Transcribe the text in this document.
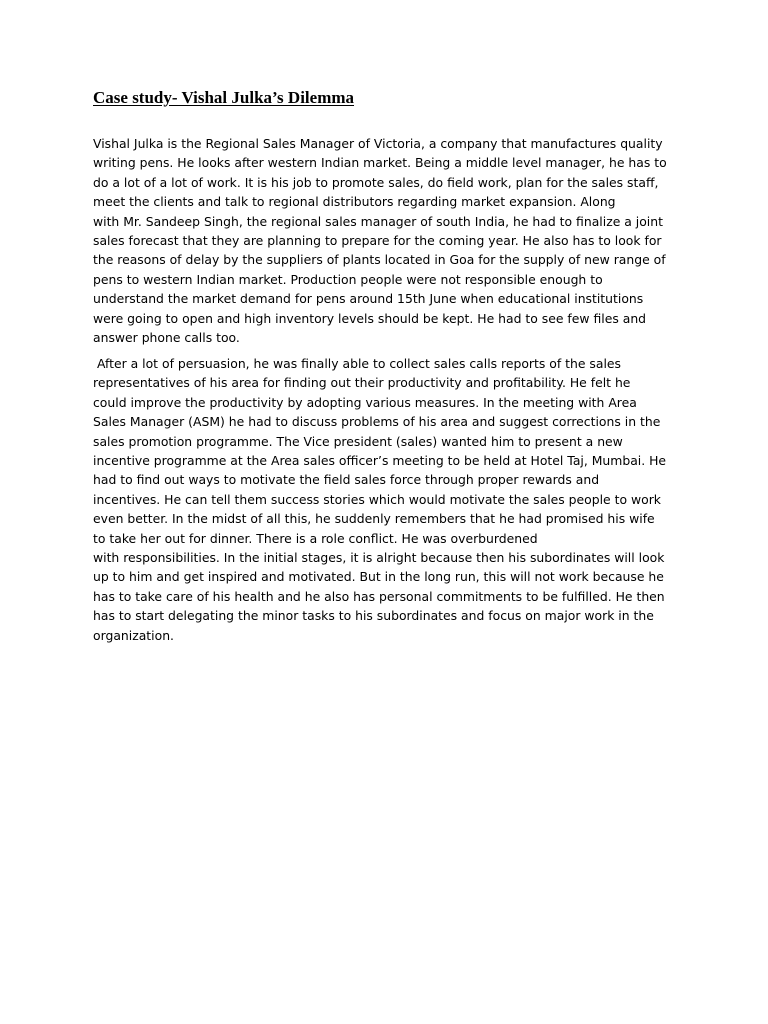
Case study- Vishal Julka’s Dilemma

Vishal Julka is the Regional Sales Manager of Victoria, a company that manufactures quality
writing pens. He looks after western Indian market. Being a middle level manager, he has to
do a lot of a lot of work. It is his job to promote sales, do field work, plan for the sales staff,
meet the clients and talk to regional distributors regarding market expansion. Along
with Mr. Sandeep Singh, the regional sales manager of south India, he had to finalize a joint
sales forecast that they are planning to prepare for the coming year. He also has to look for
the reasons of delay by the suppliers of plants located in Goa for the supply of new range of
pens to western Indian market. Production people were not responsible enough to
understand the market demand for pens around 15th June when educational institutions
were going to open and high inventory levels should be kept. He had to see few files and
answer phone calls too.

After a lot of persuasion, he was finally able to collect sales calls reports of the sales
representatives of his area for finding out their productivity and profitability. He felt he
could improve the productivity by adopting various measures. In the meeting with Area
Sales Manager (ASM) he had to discuss problems of his area and suggest corrections in the
sales promotion programme. The Vice president (sales) wanted him to present a new
incentive programme at the Area sales officer’s meeting to be held at Hotel Taj, Mumbai. He
had to find out ways to motivate the field sales force through proper rewards and
incentives. He can tell them success stories which would motivate the sales people to work
even better. In the midst of all this, he suddenly remembers that he had promised his wife
to take her out for dinner. There is a role conflict. He was overburdened
with responsibilities. In the initial stages, it is alright because then his subordinates will look
up to him and get inspired and motivated. But in the long run, this will not work because he
has to take care of his health and he also has personal commitments to be fulfilled. He then
has to start delegating the minor tasks to his subordinates and focus on major work in the
organization.
